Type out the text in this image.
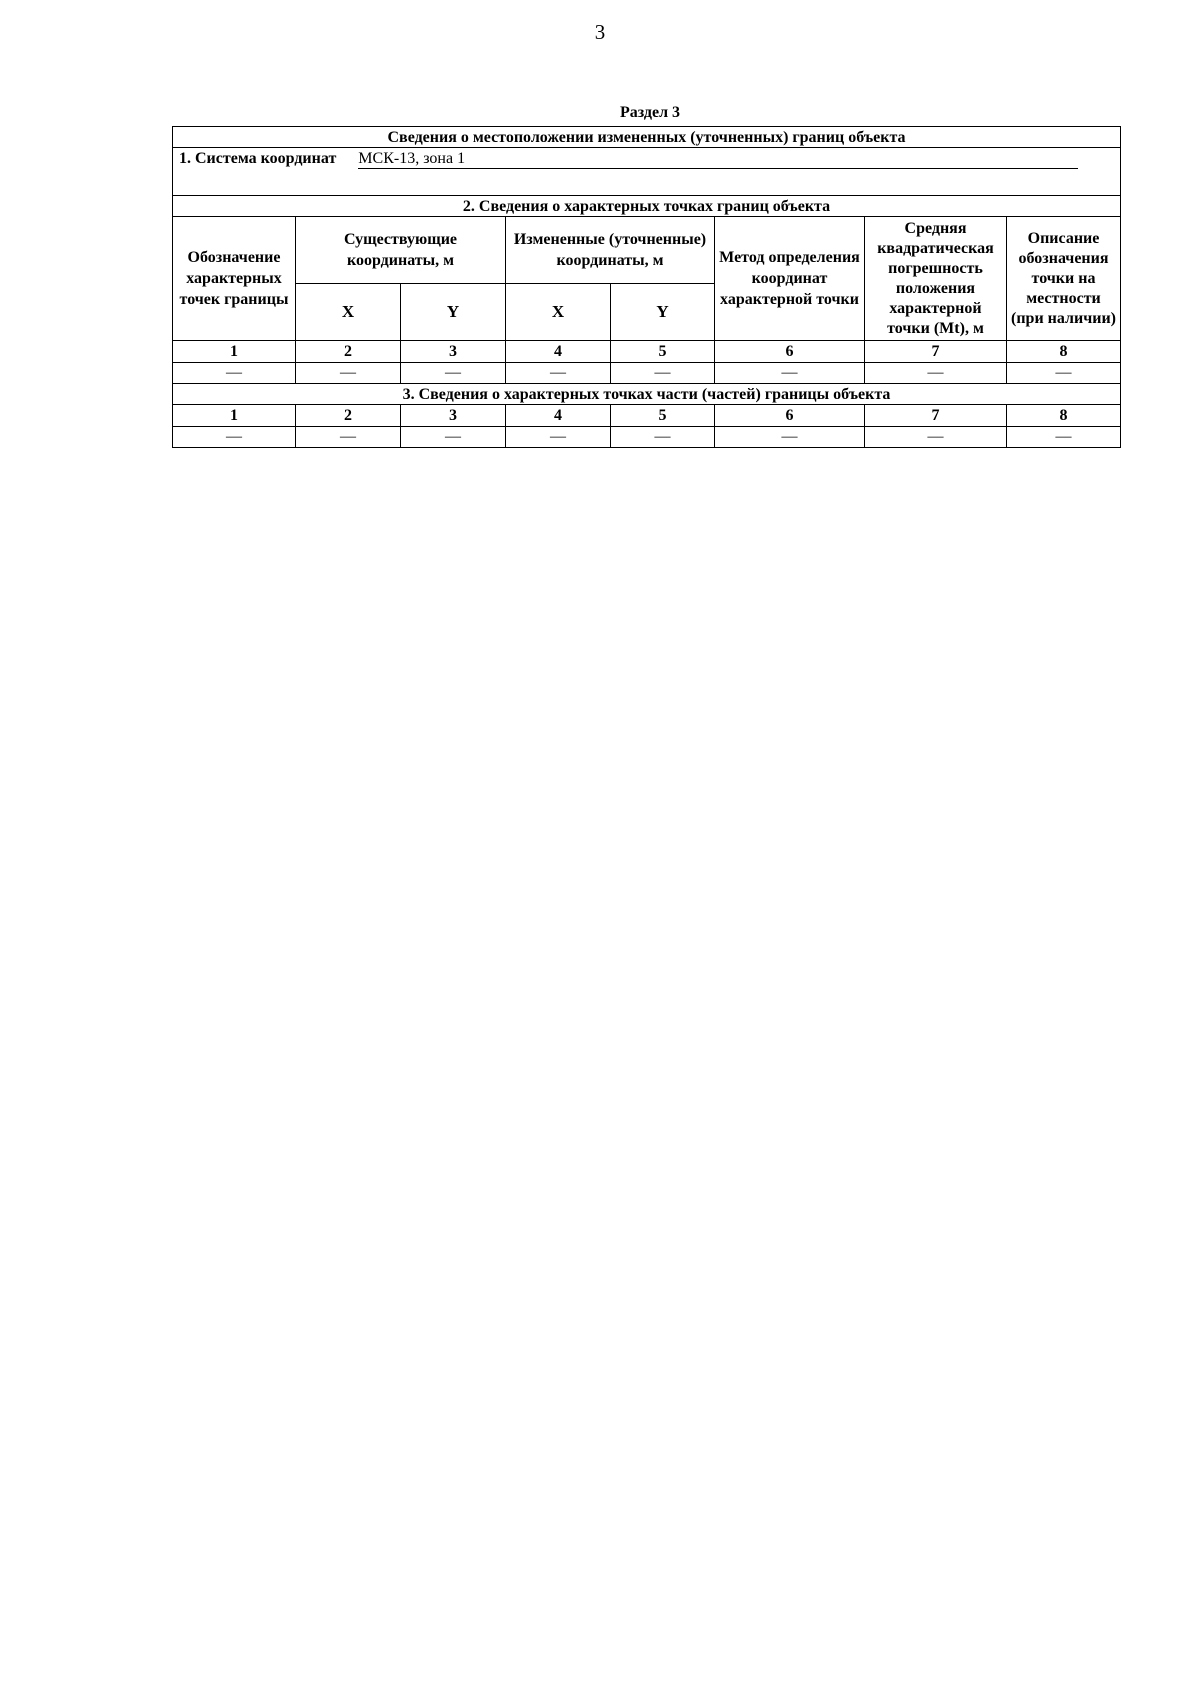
3
Раздел 3
Сведения о местоположении измененных (уточненных) границ объекта							
1. Система координат МСК-13, зона 1							

2. Сведения о характерных точках границ объекта							
Обозначение характерных точек границы	Существующие координаты, м		Измененные (уточненные) координаты, м		Метод определения координат характерной точки	Средняя квадратическая погрешность положения характерной точки (Mt), м	Описание обозначения точки на местности (при наличии)
	X	Y	X	Y			
1	2	3	4	5	6	7	8
—	—	—	—	—	—	—	—
3. Сведения о характерных точках части (частей) границы объекта							
1	2	3	4	5	6	7	8
—	—	—	—	—	—	—	—
